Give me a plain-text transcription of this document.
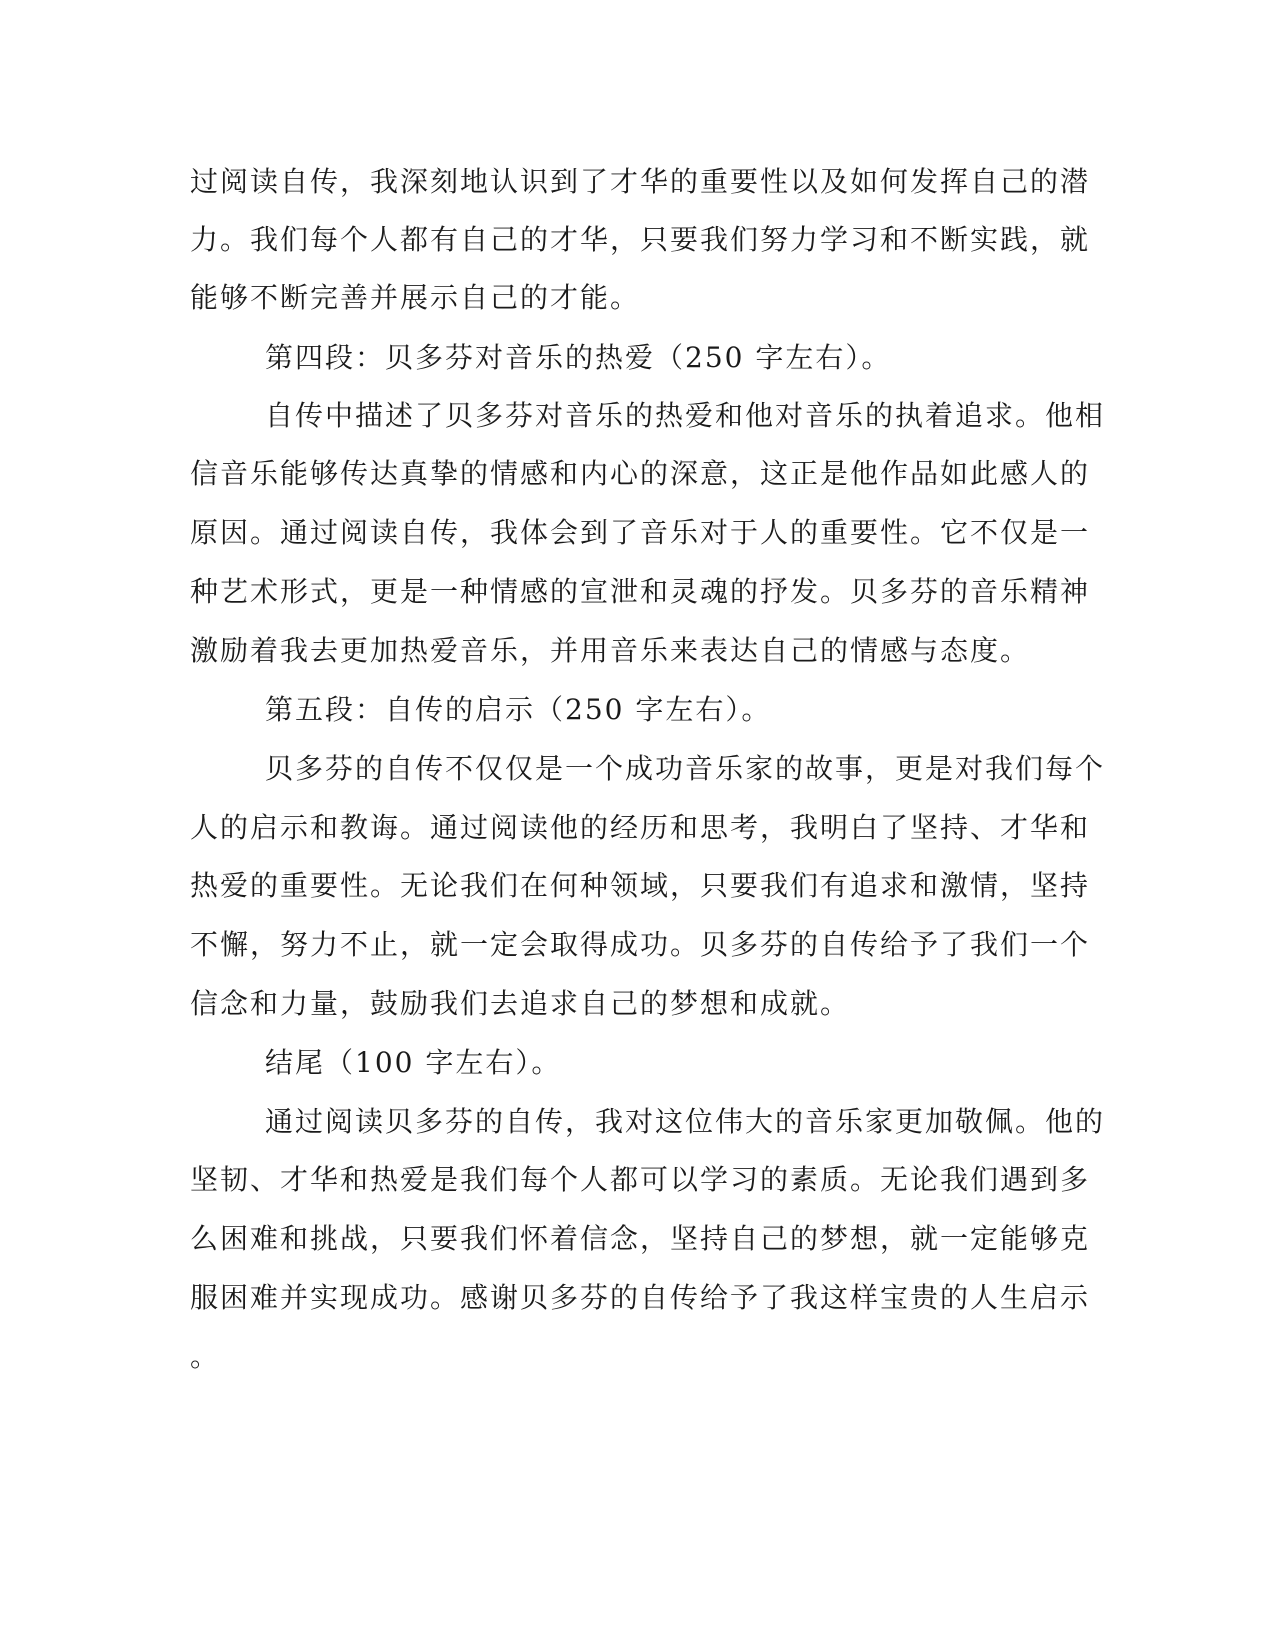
过阅读自传，我深刻地认识到了才华的重要性以及如何发挥自己的潜
力。我们每个人都有自己的才华，只要我们努力学习和不断实践，就
能够不断完善并展示自己的才能。
第四段：贝多芬对音乐的热爱（250 字左右）。
自传中描述了贝多芬对音乐的热爱和他对音乐的执着追求。他相
信音乐能够传达真挚的情感和内心的深意，这正是他作品如此感人的
原因。通过阅读自传，我体会到了音乐对于人的重要性。它不仅是一
种艺术形式，更是一种情感的宣泄和灵魂的抒发。贝多芬的音乐精神
激励着我去更加热爱音乐，并用音乐来表达自己的情感与态度。
第五段：自传的启示（250 字左右）。
贝多芬的自传不仅仅是一个成功音乐家的故事，更是对我们每个
人的启示和教诲。通过阅读他的经历和思考，我明白了坚持、才华和
热爱的重要性。无论我们在何种领域，只要我们有追求和激情，坚持
不懈，努力不止，就一定会取得成功。贝多芬的自传给予了我们一个
信念和力量，鼓励我们去追求自己的梦想和成就。
结尾（100 字左右）。
通过阅读贝多芬的自传，我对这位伟大的音乐家更加敬佩。他的
坚韧、才华和热爱是我们每个人都可以学习的素质。无论我们遇到多
么困难和挑战，只要我们怀着信念，坚持自己的梦想，就一定能够克
服困难并实现成功。感谢贝多芬的自传给予了我这样宝贵的人生启示
。
